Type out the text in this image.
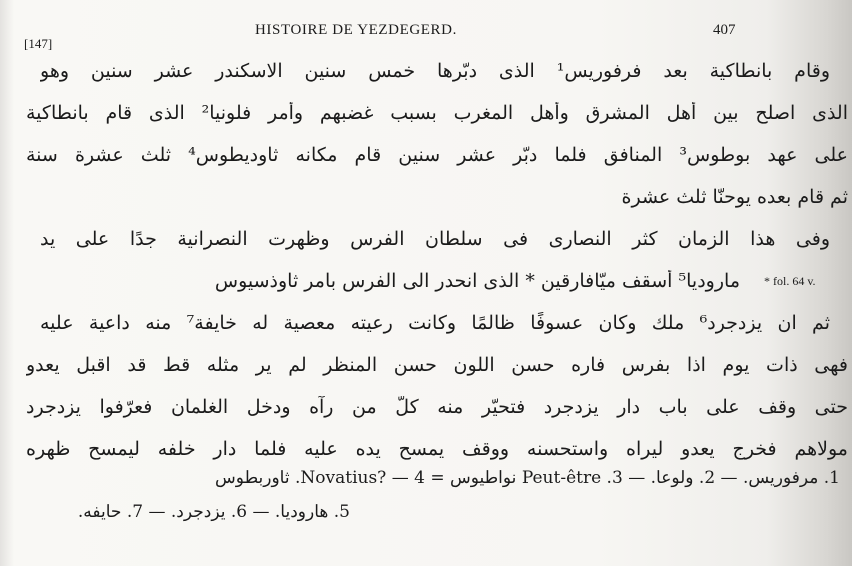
[147]
HISTOIRE DE YEZDEGERD.	407
وقام بانطاكية بعد فرفوريس¹ الذى دبّرها خمس سنين الاسكندر عشر سنين وهو
الذى اصلح بين أهل المشرق وأهل المغرب بسبب غضبهم وأمر فلونيا² الذى قام بانطاكية
على عهد بوطوس³ المنافق فلما دبّر عشر سنين قام مكانه ثاوديطوس⁴ ثلث عشرة سنة
ثم قام بعده يوحنّا ثلث عشرة
وفى هذا الزمان كثر النصارى فى سلطان الفرس وظهرت النصرانية جدًا على يد
مارودیا⁵ أسقف ميّافارقين * الذى انحدر الى الفرس بامر ثاوذسيوس
ثم ان يزدجرد⁶ ملك وكان عسوفًا ظالمًا وكانت رعيته معصية له خايفة⁷ منه داعية عليه
فهى ذات يوم اذا بفرس فاره حسن اللون حسن المنظر لم ير مثله قط قد اقبل يعدو
حتى وقف على باب دار يزدجرد فتحيّر منه كلّ من رآه ودخل الغلمان فعرّفوا يزدجرد
مولاهم فخرج يعدو ليراه واستحسنه ووقف يمسح يده عليه فلما دار خلفه ليمسح ظهره
* fol. 64 v.
1. مرفوريس. — 2. ولوعا. — 3. Peut-être نواطيوس = Novatius? — 4. ثاوربطوس
5. هارودیا. — 6. يزدجرد. — 7. حايفه.
